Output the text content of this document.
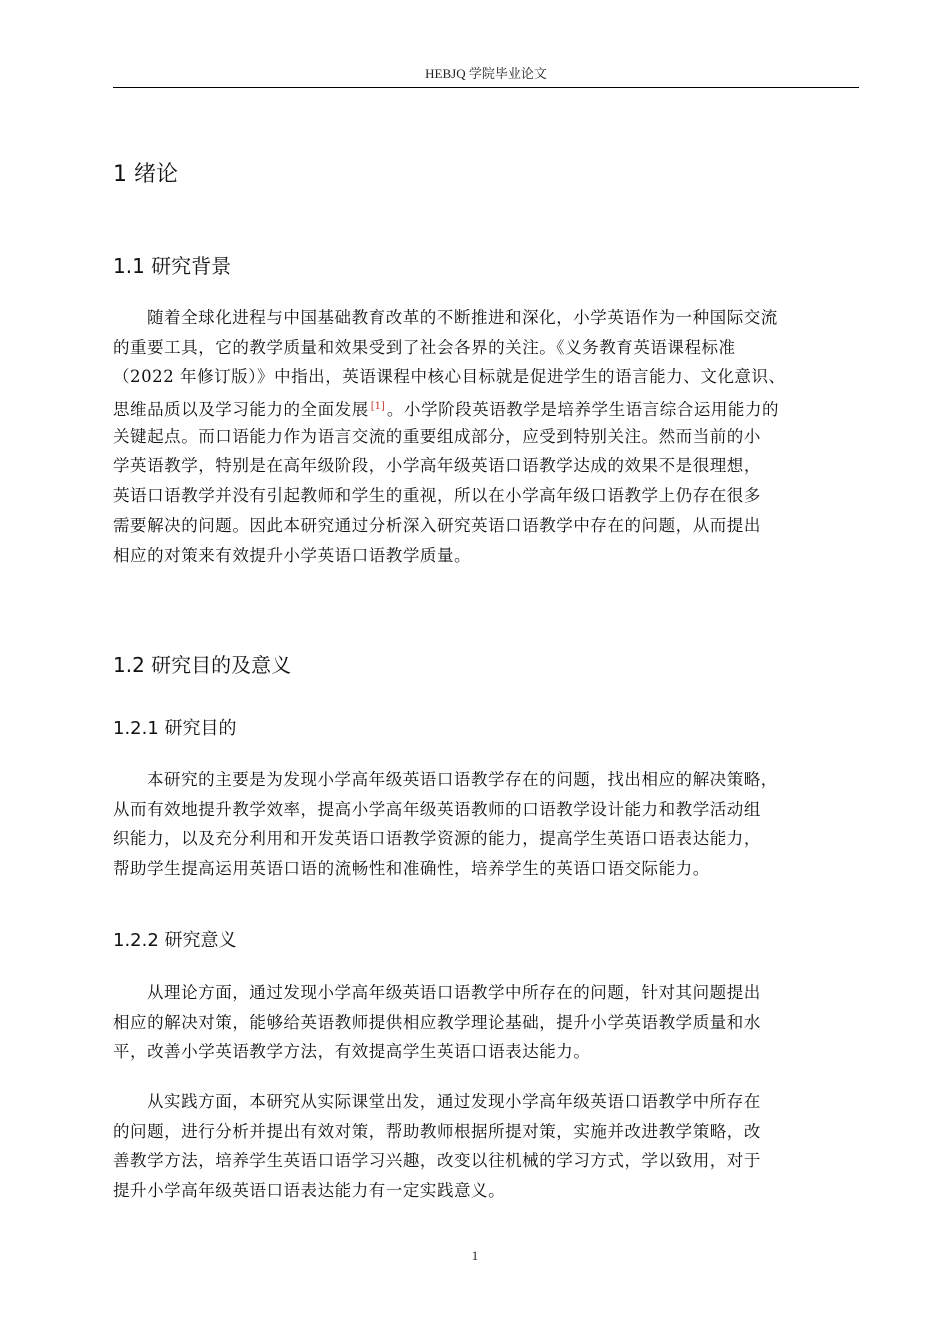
HEBJQ 学院毕业论文
1 绪论
1.1 研究背景

随着全球化进程与中国基础教育改革的不断推进和深化，小学英语作为一种国际交流
的重要工具，它的教学质量和效果受到了社会各界的关注。《义务教育英语课程标准
（2022 年修订版）》中指出，英语课程中核心目标就是促进学生的语言能力、文化意识、
思维品质以及学习能力的全面发展 [1] 。小学阶段英语教学是培养学生语言综合运用能力的
关键起点。而口语能力作为语言交流的重要组成部分，应受到特别关注。然而当前的小
学英语教学，特别是在高年级阶段，小学高年级英语口语教学达成的效果不是很理想，
英语口语教学并没有引起教师和学生的重视，所以在小学高年级口语教学上仍存在很多
需要解决的问题。因此本研究通过分析深入研究英语口语教学中存在的问题，从而提出
相应的对策来有效提升小学英语口语教学质量。

1.2 研究目的及意义
1.2.1 研究目的

本研究的主要是为发现小学高年级英语口语教学存在的问题，找出相应的解决策略，
从而有效地提升教学效率，提高小学高年级英语教师的口语教学设计能力和教学活动组
织能力，以及充分利用和开发英语口语教学资源的能力，提高学生英语口语表达能力，
帮助学生提高运用英语口语的流畅性和准确性，培养学生的英语口语交际能力。

1.2.2 研究意义

从理论方面，通过发现小学高年级英语口语教学中所存在的问题，针对其问题提出
相应的解决对策，能够给英语教师提供相应教学理论基础，提升小学英语教学质量和水
平，改善小学英语教学方法，有效提高学生英语口语表达能力。

从实践方面，本研究从实际课堂出发，通过发现小学高年级英语口语教学中所存在
的问题，进行分析并提出有效对策，帮助教师根据所提对策，实施并改进教学策略，改
善教学方法，培养学生英语口语学习兴趣，改变以往机械的学习方式，学以致用，对于
提升小学高年级英语口语表达能力有一定实践意义。

1
